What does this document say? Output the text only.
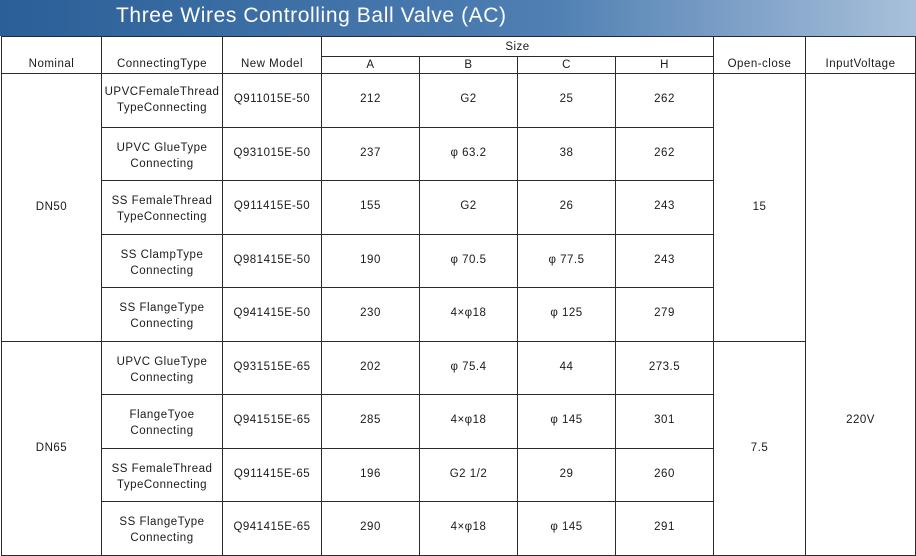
Three Wires Controlling Ball Valve (AC)
Nominal	ConnectingType	New Model	Size				Open-close	InputVoltage
			A	B	C	H		
DN50	UPVCFemaleThread
TypeConnecting	Q911015E-50	212	G2	25	262	15	220V
	UPVC GlueType
Connecting	Q931015E-50	237	φ 63.2	38	262		
	SS FemaleThread
TypeConnecting	Q911415E-50	155	G2	26	243		
	SS ClampType
Connecting	Q981415E-50	190	φ 70.5	φ 77.5	243		
	SS FlangeType
Connecting	Q941415E-50	230	4×φ18	φ 125	279		
DN65	UPVC GlueType
Connecting	Q931515E-65	202	φ 75.4	44	273.5	7.5	
	FlangeTyoe
Connecting	Q941515E-65	285	4×φ18	φ 145	301		
	SS FemaleThread
TypeConnecting	Q911415E-65	196	G2 1/2	29	260		
	SS FlangeType
Connecting	Q941415E-65	290	4×φ18	φ 145	291		
